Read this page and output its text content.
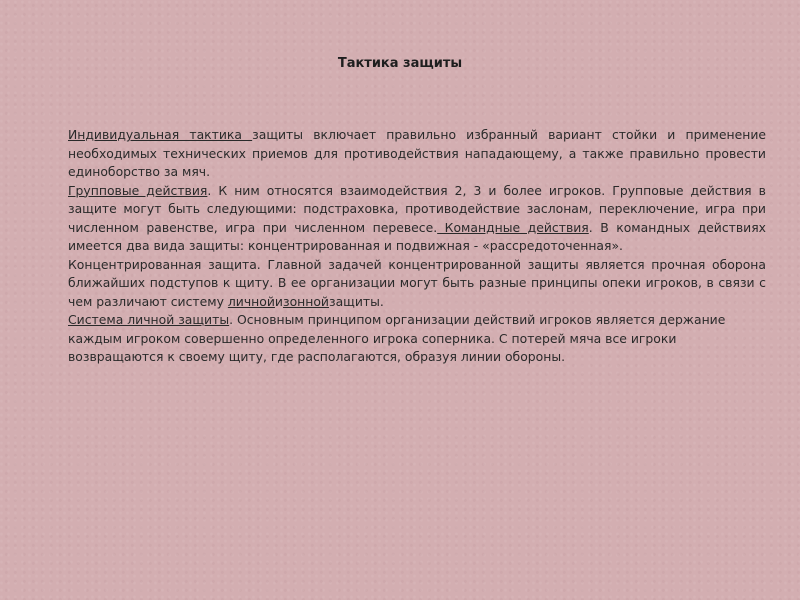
Тактика защиты

Индивидуальная тактика защиты включает правильно избранный вариант стойки и применение необходимых технических приемов для противодействия нападающему, а также правильно провести единоборство за мяч.

Групповые действия. К ним относятся взаимодействия 2, 3 и более игроков. Групповые действия в защите могут быть следующими: подстраховка, противодействие заслонам, переключение, игра при численном равенстве, игра при численном перевесе. Командные действия. В командных действиях имеется два вида защиты: концентрированная и подвижная - «рассредоточенная».

Концентрированная защита. Главной задачей концентрированной защиты является прочная оборона ближайших подступов к щиту. В ее организации могут быть разные принципы опеки игроков, в связи с чем различают систему личнойизоннойзащиты.

Система личной защиты. Основным принципом организации действий игроков является держание каждым игроком совершенно определенного игрока соперника. С потерей мяча все игроки возвращаются к своему щиту, где располагаются, образуя линии обороны.
